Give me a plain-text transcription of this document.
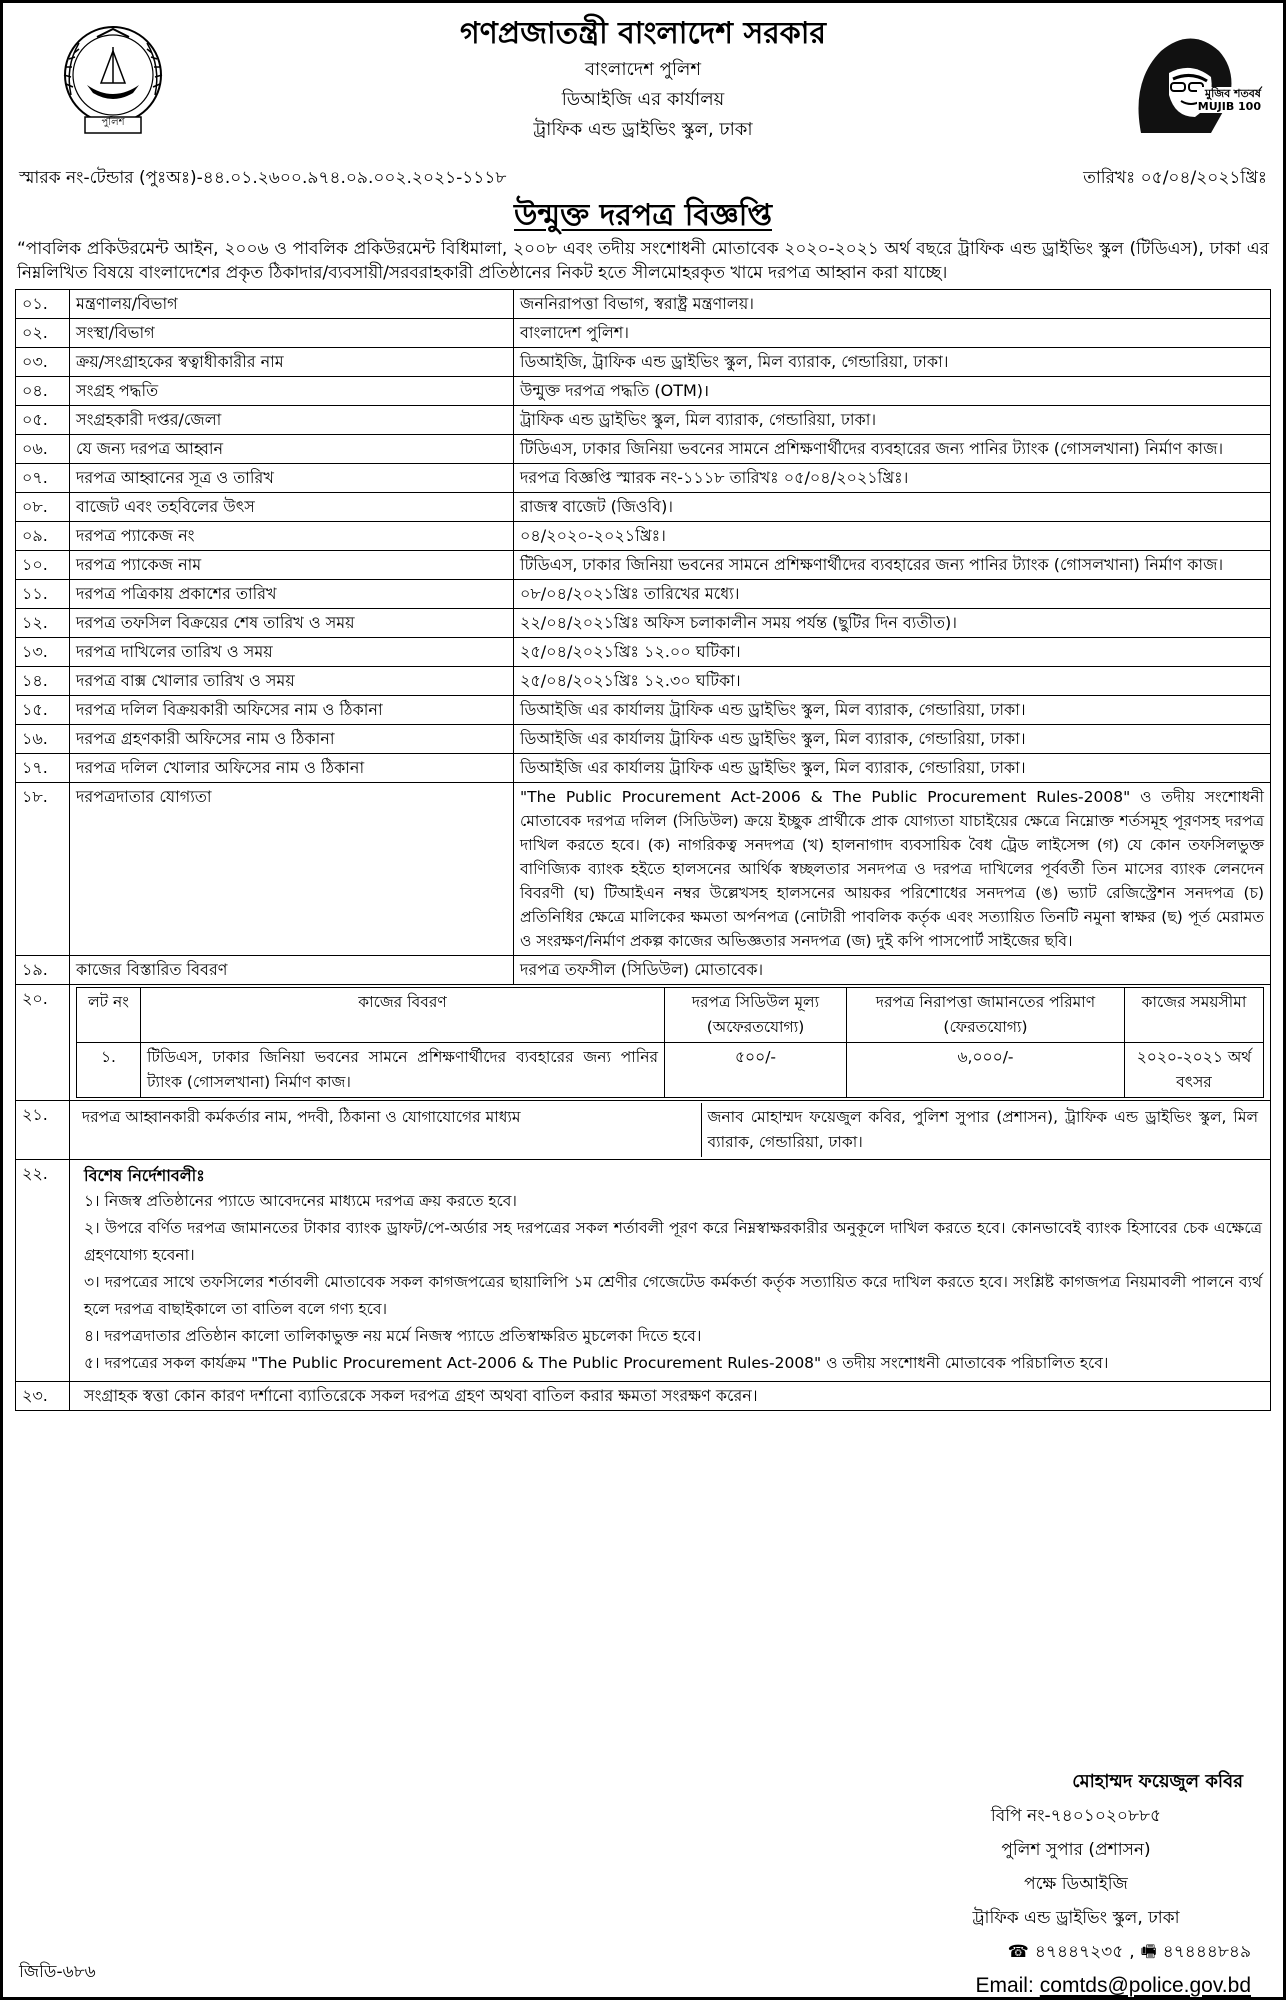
পুলিশ
গণপ্রজাতন্ত্রী বাংলাদেশ সরকার
বাংলাদেশ পুলিশ
ডিআইজি এর কার্যালয়
ট্রাফিক এন্ড ড্রাইভিং স্কুল, ঢাকা
মুজিব শতবর্ষ MUJIB 100
স্মারক নং-টেন্ডার (পুঃঅঃ)-৪৪.০১.২৬০০.৯৭৪.০৯.০০২.২০২১-১১১৮	তারিখঃ ০৫/০৪/২০২১খ্রিঃ
উন্মুক্ত দরপত্র বিজ্ঞপ্তি
“পাবলিক প্রকিউরমেন্ট আইন, ২০০৬ ও পাবলিক প্রকিউরমেন্ট বিধিমালা, ২০০৮ এবং তদীয় সংশোধনী মোতাবেক ২০২০-২০২১ অর্থ বছরে ট্রাফিক এন্ড ড্রাইভিং স্কুল (টিডিএস), ঢাকা এর নিম্নলিখিত বিষয়ে বাংলাদেশের প্রকৃত ঠিকাদার/ব্যবসায়ী/সরবরাহকারী প্রতিষ্ঠানের নিকট হতে সীলমোহরকৃত খামে দরপত্র আহ্বান করা যাচ্ছে।
০১.	মন্ত্রণালয়/বিভাগ	জননিরাপত্তা বিভাগ, স্বরাষ্ট্র মন্ত্রণালয়।
০২.	সংস্থা/বিভাগ	বাংলাদেশ পুলিশ।
০৩.	ক্রয়/সংগ্রাহকের স্বত্বাধীকারীর নাম	ডিআইজি, ট্রাফিক এন্ড ড্রাইভিং স্কুল, মিল ব্যারাক, গেন্ডারিয়া, ঢাকা।
০৪.	সংগ্রহ পদ্ধতি	উন্মুক্ত দরপত্র পদ্ধতি (OTM)।
০৫.	সংগ্রহকারী দপ্তর/জেলা	ট্রাফিক এন্ড ড্রাইভিং স্কুল, মিল ব্যারাক, গেন্ডারিয়া, ঢাকা।
০৬.	যে জন্য দরপত্র আহ্বান	টিডিএস, ঢাকার জিনিয়া ভবনের সামনে প্রশিক্ষণার্থীদের ব্যবহারের জন্য পানির ট্যাংক (গোসলখানা) নির্মাণ কাজ।
০৭.	দরপত্র আহ্বানের সূত্র ও তারিখ	দরপত্র বিজ্ঞপ্তি স্মারক নং-১১১৮ তারিখঃ ০৫/০৪/২০২১খ্রিঃ।
০৮.	বাজেট এবং তহবিলের উৎস	রাজস্ব বাজেট (জিওবি)।
০৯.	দরপত্র প্যাকেজ নং	০৪/২০২০-২০২১খ্রিঃ।
১০.	দরপত্র প্যাকেজ নাম	টিডিএস, ঢাকার জিনিয়া ভবনের সামনে প্রশিক্ষণার্থীদের ব্যবহারের জন্য পানির ট্যাংক (গোসলখানা) নির্মাণ কাজ।
১১.	দরপত্র পত্রিকায় প্রকাশের তারিখ	০৮/০৪/২০২১খ্রিঃ তারিখের মধ্যে।
১২.	দরপত্র তফসিল বিক্রয়ের শেষ তারিখ ও সময়	২২/০৪/২০২১খ্রিঃ অফিস চলাকালীন সময় পর্যন্ত (ছুটির দিন ব্যতীত)।
১৩.	দরপত্র দাখিলের তারিখ ও সময়	২৫/০৪/২০২১খ্রিঃ ১২.০০ ঘটিকা।
১৪.	দরপত্র বাক্স খোলার তারিখ ও সময়	২৫/০৪/২০২১খ্রিঃ ১২.৩০ ঘটিকা।
১৫.	দরপত্র দলিল বিক্রয়কারী অফিসের নাম ও ঠিকানা	ডিআইজি এর কার্যালয় ট্রাফিক এন্ড ড্রাইভিং স্কুল, মিল ব্যারাক, গেন্ডারিয়া, ঢাকা।
১৬.	দরপত্র গ্রহণকারী অফিসের নাম ও ঠিকানা	ডিআইজি এর কার্যালয় ট্রাফিক এন্ড ড্রাইভিং স্কুল, মিল ব্যারাক, গেন্ডারিয়া, ঢাকা।
১৭.	দরপত্র দলিল খোলার অফিসের নাম ও ঠিকানা	ডিআইজি এর কার্যালয় ট্রাফিক এন্ড ড্রাইভিং স্কুল, মিল ব্যারাক, গেন্ডারিয়া, ঢাকা।
১৮.	দরপত্রদাতার যোগ্যতা	"The Public Procurement Act-2006 & The Public Procurement Rules-2008" ও তদীয় সংশোধনী মোতাবেক দরপত্র দলিল (সিডিউল) ক্রয়ে ইচ্ছুক প্রার্থীকে প্রাক যোগ্যতা যাচাইয়ের ক্ষেত্রে নিম্নোক্ত শর্তসমূহ পূরণসহ দরপত্র দাখিল করতে হবে। (ক) নাগরিকত্ব সনদপত্র (খ) হালনাগাদ ব্যবসায়িক বৈধ ট্রেড লাইসেন্স (গ) যে কোন তফসিলভুক্ত বাণিজ্যিক ব্যাংক হইতে হালসনের আর্থিক স্বচ্ছলতার সনদপত্র ও দরপত্র দাখিলের পূর্ববর্তী তিন মাসের ব্যাংক লেনদেন বিবরণী (ঘ) টিআইএন নম্বর উল্লেখসহ হালসনের আয়কর পরিশোধের সনদপত্র (ঙ) ভ্যাট রেজিস্ট্রেশন সনদপত্র (চ) প্রতিনিধির ক্ষেত্রে মালিকের ক্ষমতা অর্পনপত্র (নোটারী পাবলিক কর্তৃক এবং সত্যায়িত তিনটি নমুনা স্বাক্ষর (ছ) পূর্ত মেরামত ও সংরক্ষণ/নির্মাণ প্রকল্প কাজের অভিজ্ঞতার সনদপত্র (জ) দুই কপি পাসপোর্ট সাইজের ছবি।
১৯.	কাজের বিস্তারিত বিবরণ	দরপত্র তফসীল (সিডিউল) মোতাবেক।
২০.		লট নং	কাজের বিবরণ	দরপত্র সিডিউল মূল্য (অফেরতযোগ্য)	দরপত্র নিরাপত্তা জামানতের পরিমাণ (ফেরতযোগ্য)	কাজের সময়সীমা
১.	টিডিএস, ঢাকার জিনিয়া ভবনের সামনে প্রশিক্ষণার্থীদের ব্যবহারের জন্য পানির ট্যাংক (গোসলখানা) নির্মাণ কাজ।	৫০০/-	৬,০০০/-	২০২০-২০২১ অর্থ বৎসর

২১.	দরপত্র আহ্বানকারী কর্মকর্তার নাম, পদবী, ঠিকানা ও যোগাযোগের মাধ্যম	জনাব মোহাম্মদ ফয়েজুল কবির, পুলিশ সুপার (প্রশাসন), ট্রাফিক এন্ড ড্রাইভিং স্কুল, মিল ব্যারাক, গেন্ডারিয়া, ঢাকা।

২২.	বিশেষ নির্দেশাবলীঃ
১। নিজস্ব প্রতিষ্ঠানের প্যাডে আবেদনের মাধ্যমে দরপত্র ক্রয় করতে হবে।
২। উপরে বর্ণিত দরপত্র জামানতের টাকার ব্যাংক ড্রাফট/পে-অর্ডার সহ দরপত্রের সকল শর্তাবলী পূরণ করে নিম্নস্বাক্ষরকারীর অনুকূলে দাখিল করতে হবে। কোনভাবেই ব্যাংক হিসাবের চেক এক্ষেত্রে গ্রহণযোগ্য হবেনা।
৩। দরপত্রের সাথে তফসিলের শর্তাবলী মোতাবেক সকল কাগজপত্রের ছায়ালিপি ১ম শ্রেণীর গেজেটেড কর্মকর্তা কর্তৃক সত্যায়িত করে দাখিল করতে হবে। সংশ্লিষ্ট কাগজপত্র নিয়মাবলী পালনে ব্যর্থ হলে দরপত্র বাছাইকালে তা বাতিল বলে গণ্য হবে।
৪। দরপত্রদাতার প্রতিষ্ঠান কালো তালিকাভুক্ত নয় মর্মে নিজস্ব প্যাডে প্রতিস্বাক্ষরিত মুচলেকা দিতে হবে।
৫। দরপত্রের সকল কার্যক্রম "The Public Procurement Act-2006 & The Public Procurement Rules-2008" ও তদীয় সংশোধনী মোতাবেক পরিচালিত হবে।

২৩.	সংগ্রাহক স্বত্তা কোন কারণ দর্শানো ব্যাতিরেকে সকল দরপত্র গ্রহণ অথবা বাতিল করার ক্ষমতা সংরক্ষণ করেন।
মোহাম্মদ ফয়েজুল কবির
বিপি নং-৭৪০১০২০৮৮৫
পুলিশ সুপার (প্রশাসন)
পক্ষে ডিআইজি
ট্রাফিক এন্ড ড্রাইভিং স্কুল, ঢাকা
☎ ৪৭৪৪৭২৩৫ , 🖷 ৪৭৪৪৪৮৪৯
Email: comtds@police.gov.bd
জিডি-৬৮৬
